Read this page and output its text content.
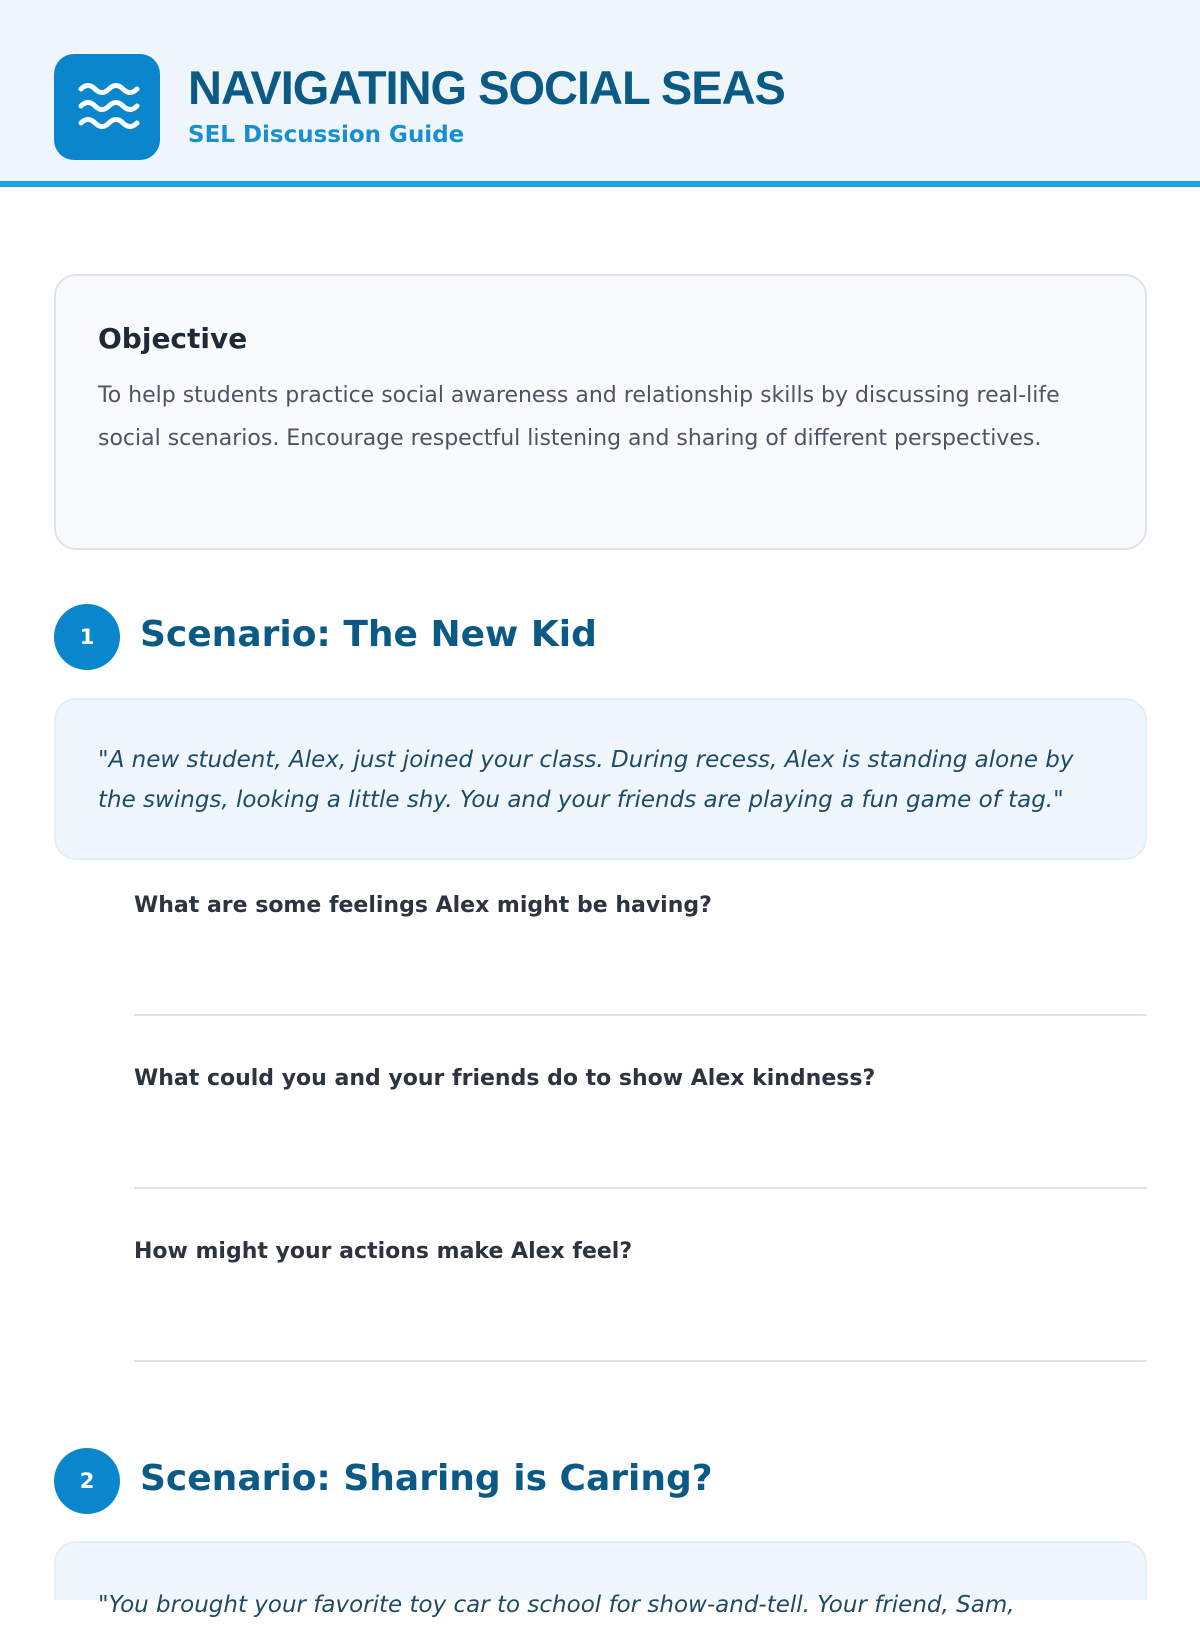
NAVIGATING SOCIAL SEAS
SEL Discussion Guide
Objective

To help students practice social awareness and relationship skills by discussing real-life social scenarios. Encourage respectful listening and sharing of different perspectives.

1	Scenario: The New Kid

"A new student, Alex, just joined your class. During recess, Alex is standing alone by the swings, looking a little shy. You and your friends are playing a fun game of tag."

What are some feelings Alex might be having?
What could you and your friends do to show Alex kindness?
How might your actions make Alex feel?
2	Scenario: Sharing is Caring?

"You brought your favorite toy car to school for show-and-tell. Your friend, Sam,
